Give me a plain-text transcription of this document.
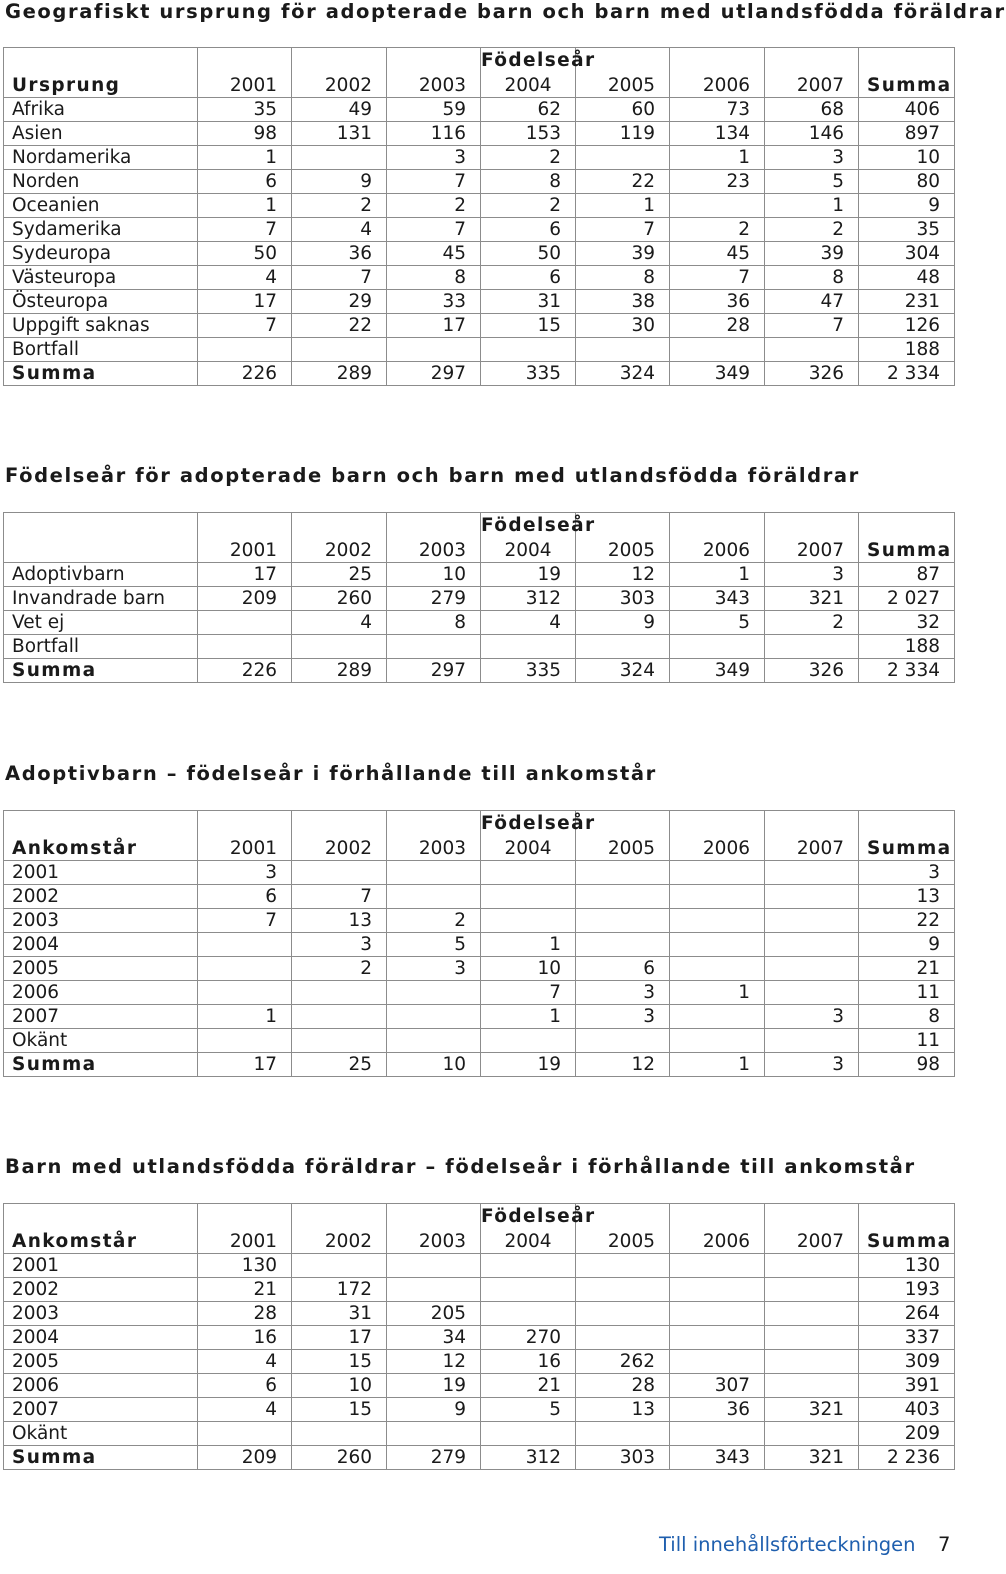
Geografiskt ursprung för adopterade barn och barn med utlandsfödda föräldrar
				Födelseår				
Ursprung	2001	2002	2003	2004	2005	2006	2007	Summa
Afrika	35	49	59	62	60	73	68	406
Asien	98	131	116	153	119	134	146	897
Nordamerika	1		3	2		1	3	10
Norden	6	9	7	8	22	23	5	80
Oceanien	1	2	2	2	1		1	9
Sydamerika	7	4	7	6	7	2	2	35
Sydeuropa	50	36	45	50	39	45	39	304
Västeuropa	4	7	8	6	8	7	8	48
Östeuropa	17	29	33	31	38	36	47	231
Uppgift saknas	7	22	17	15	30	28	7	126
Bortfall								188
Summa	226	289	297	335	324	349	326	2 334
Födelseår för adopterade barn och barn med utlandsfödda föräldrar
				Födelseår				
	2001	2002	2003	2004	2005	2006	2007	Summa
Adoptivbarn	17	25	10	19	12	1	3	87
Invandrade barn	209	260	279	312	303	343	321	2 027
Vet ej		4	8	4	9	5	2	32
Bortfall								188
Summa	226	289	297	335	324	349	326	2 334
Adoptivbarn – födelseår i förhållande till ankomstår
				Födelseår				
Ankomstår	2001	2002	2003	2004	2005	2006	2007	Summa
2001	3							3
2002	6	7						13
2003	7	13	2					22
2004		3	5	1				9
2005		2	3	10	6			21
2006				7	3	1		11
2007	1			1	3		3	8
Okänt								11
Summa	17	25	10	19	12	1	3	98
Barn med utlandsfödda föräldrar – födelseår i förhållande till ankomstår
				Födelseår				
Ankomstår	2001	2002	2003	2004	2005	2006	2007	Summa
2001	130							130
2002	21	172						193
2003	28	31	205					264
2004	16	17	34	270				337
2005	4	15	12	16	262			309
2006	6	10	19	21	28	307		391
2007	4	15	9	5	13	36	321	403
Okänt								209
Summa	209	260	279	312	303	343	321	2 236
Till innehållsförteckningen 7
